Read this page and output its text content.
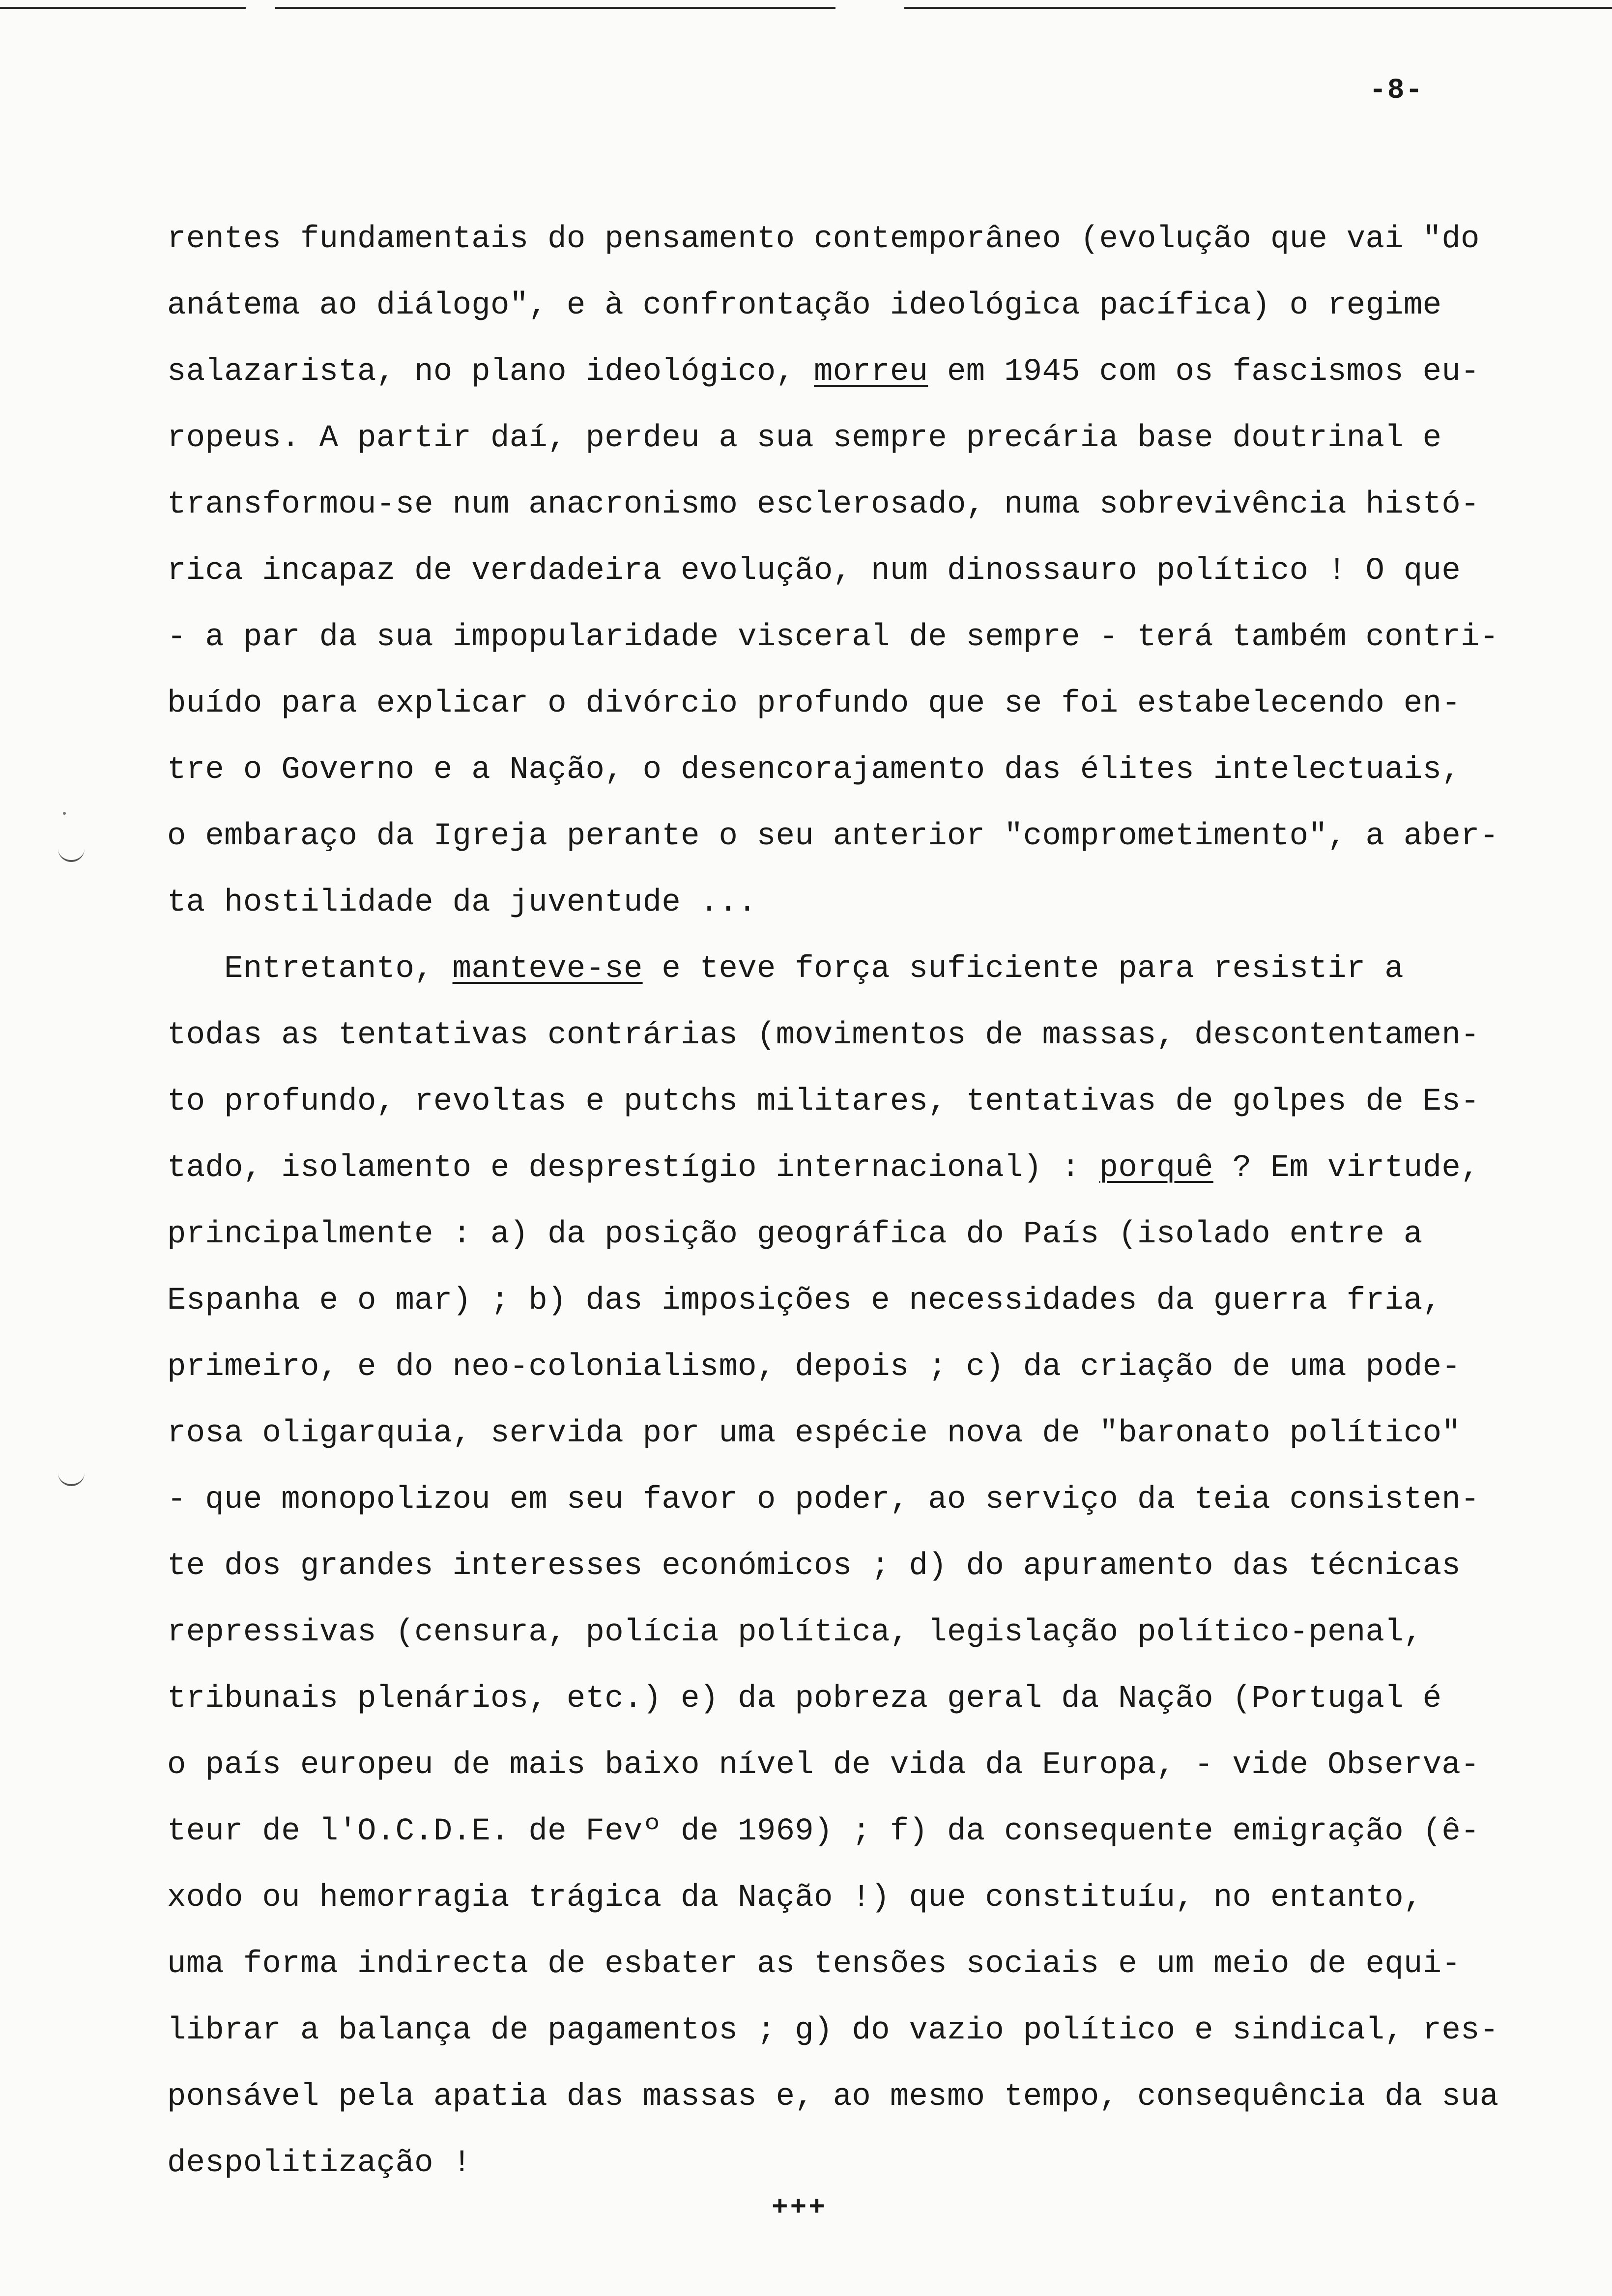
-8-
rentes fundamentais do pensamento contemporâneo (evolução que vai "do
anátema ao diálogo", e à confrontação ideológica pacífica) o regime
salazarista, no plano ideológico, morreu em 1945 com os fascismos eu-
ropeus. A partir daí, perdeu a sua sempre precária base doutrinal e
transformou-se num anacronismo esclerosado, numa sobrevivência histó-
rica incapaz de verdadeira evolução, num dinossauro político ! O que
- a par da sua impopularidade visceral de sempre - terá também contri-
buído para explicar o divórcio profundo que se foi estabelecendo en-
tre o Governo e a Nação, o desencorajamento das élites intelectuais,
o embaraço da Igreja perante o seu anterior "comprometimento", a aber-
ta hostilidade da juventude ...
Entretanto, manteve-se e teve força suficiente para resistir a
todas as tentativas contrárias (movimentos de massas, descontentamen-
to profundo, revoltas e putchs militares, tentativas de golpes de Es-
tado, isolamento e desprestígio internacional) : porquê ? Em virtude,
principalmente : a) da posição geográfica do País (isolado entre a
Espanha e o mar) ; b) das imposições e necessidades da guerra fria,
primeiro, e do neo-colonialismo, depois ; c) da criação de uma pode-
rosa oligarquia, servida por uma espécie nova de "baronato político"
- que monopolizou em seu favor o poder, ao serviço da teia consisten-
te dos grandes interesses económicos ; d) do apuramento das técnicas
repressivas (censura, polícia política, legislação político-penal,
tribunais plenários, etc.) e) da pobreza geral da Nação (Portugal é
o país europeu de mais baixo nível de vida da Europa, - vide Observa-
teur de l'O.C.D.E. de Fevº de 1969) ; f) da consequente emigração (ê-
xodo ou hemorragia trágica da Nação !) que constituíu, no entanto,
uma forma indirecta de esbater as tensões sociais e um meio de equi-
librar a balança de pagamentos ; g) do vazio político e sindical, res-
ponsável pela apatia das massas e, ao mesmo tempo, consequência da sua
despolitização !
+++
